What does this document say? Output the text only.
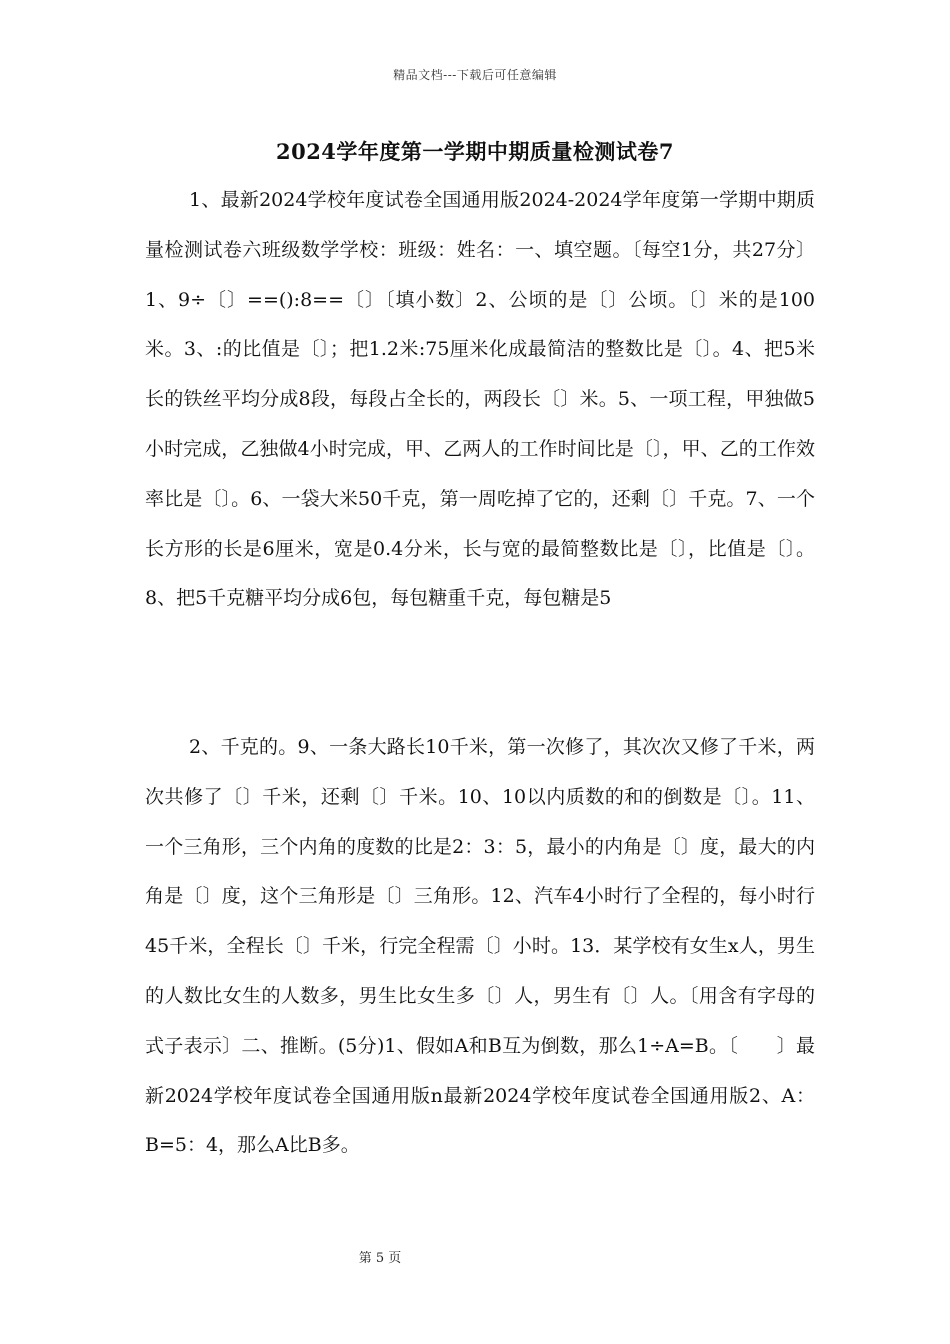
精品文档---下载后可任意编辑
2024学年度第一学期中期质量检测试卷7

1、最新2024学校年度试卷全国通用版2024-2024学年度第一学期中期质量检测试卷六班级数学学校：班级：姓名：一、填空题。〔每空1分，共27分〕1、9÷〔〕==():8==〔〕〔填小数〕2、公顷的是〔〕公顷。〔〕米的是100米。3、:的比值是〔〕；把1.2米:75厘米化成最简洁的整数比是〔〕。4、把5米长的铁丝平均分成8段，每段占全长的，两段长〔〕米。5、一项工程，甲独做5小时完成，乙独做4小时完成，甲、乙两人的工作时间比是〔〕，甲、乙的工作效率比是〔〕。6、一袋大米50千克，第一周吃掉了它的，还剩〔〕千克。7、一个长方形的长是6厘米，宽是0.4分米，长与宽的最简整数比是〔〕，比值是〔〕。8、把5千克糖平均分成6包，每包糖重千克，每包糖是5

2、千克的。9、一条大路长10千米，第一次修了，其次次又修了千米，两次共修了〔〕千米，还剩〔〕千米。10、10以内质数的和的倒数是〔〕。11、一个三角形，三个内角的度数的比是2：3：5，最小的内角是〔〕度，最大的内角是〔〕度，这个三角形是〔〕三角形。12、汽车4小时行了全程的，每小时行45千米，全程长〔〕千米，行完全程需〔〕小时。13．某学校有女生x人，男生的人数比女生的人数多，男生比女生多〔〕人，男生有〔〕人。〔用含有字母的式子表示〕二、推断。(5分)1、假如A和B互为倒数，那么1÷A=B。〔　　〕最新2024学校年度试卷全国通用版n最新2024学校年度试卷全国通用版2、A：B=5：4，那么A比B多。

第 5 页
